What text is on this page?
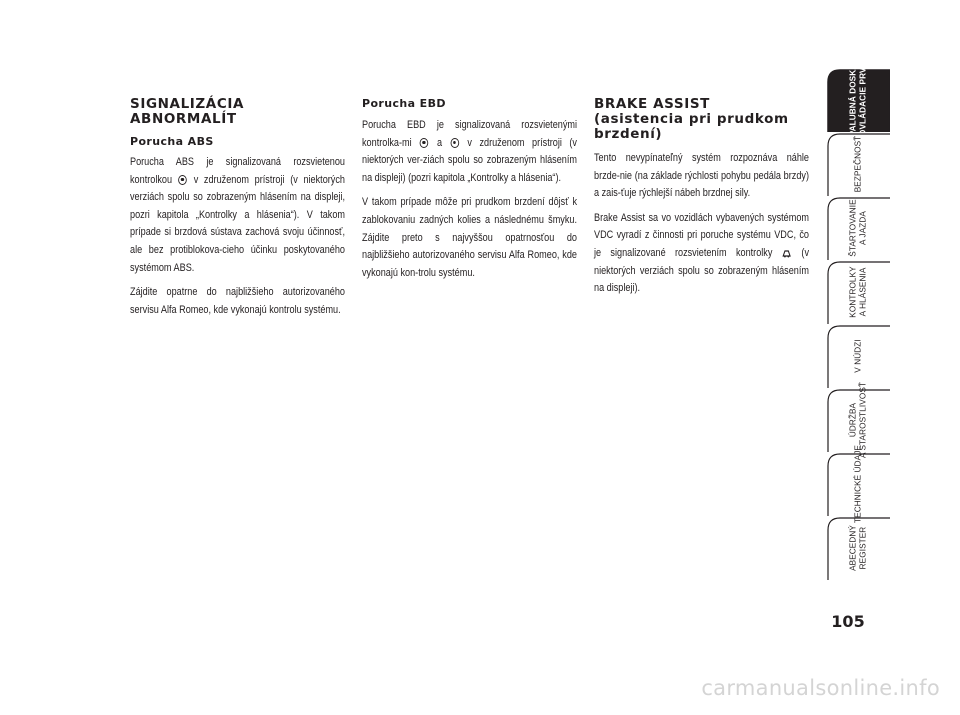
SIGNALIZÁCIA
ABNORMALÍT
Porucha ABS

Porucha ABS je signalizovaná rozsvietenou kontrolkou v združenom prístroji (v niektorých verziách spolu so zobrazeným hlásením na displeji, pozri kapitola „Kontrolky a hlásenia“). V takom prípade si brzdová sústava zachová svoju účinnosť, ale bez protiblokova-cieho účinku poskytovaného systémom ABS.

Zájdite opatrne do najbližšieho autorizovaného servisu Alfa Romeo, kde vykonajú kontrolu systému.

Porucha EBD

Porucha EBD je signalizovaná rozsvietenými kontrolka-mi a v združenom prístroji (v niektorých ver-ziách spolu so zobrazeným hlásením na displeji) (pozri kapitola „Kontrolky a hlásenia“).

V takom prípade môže pri prudkom brzdení dôjsť k zablokovaniu zadných kolies a následnému šmyku. Zájdite preto s najvyššou opatrnosťou do najbližšieho autorizovaného servisu Alfa Romeo, kde vykonajú kon-trolu systému.

BRAKE ASSIST
(asistencia pri prudkom
brzdení)

Tento nevypínateľný systém rozpoznáva náhle brzde-nie (na základe rýchlosti pohybu pedála brzdy) a zais-ťuje rýchlejší nábeh brzdnej sily.

Brake Assist sa vo vozidlách vybavených systémom VDC vyradí z činnosti pri poruche systému VDC, čo je signalizované rozsvietením kontrolky	(v niektorých verziách spolu so zobrazeným hlásením na displeji).

PALUBNÁ DOSKA
A OVLÁDACIE PRVKY
BEZPEČNOSŤ
ŠTARTOVANIE
A JAZDA
KONTROLKY
A HLÁSENIA
V NÚDZI
ÚDRŽBA
A STAROSTLIVOSŤ
TECHNICKÉ ÚDAJE
ABECEDNÝ
REGISTER
105
carmanualsonline.info
